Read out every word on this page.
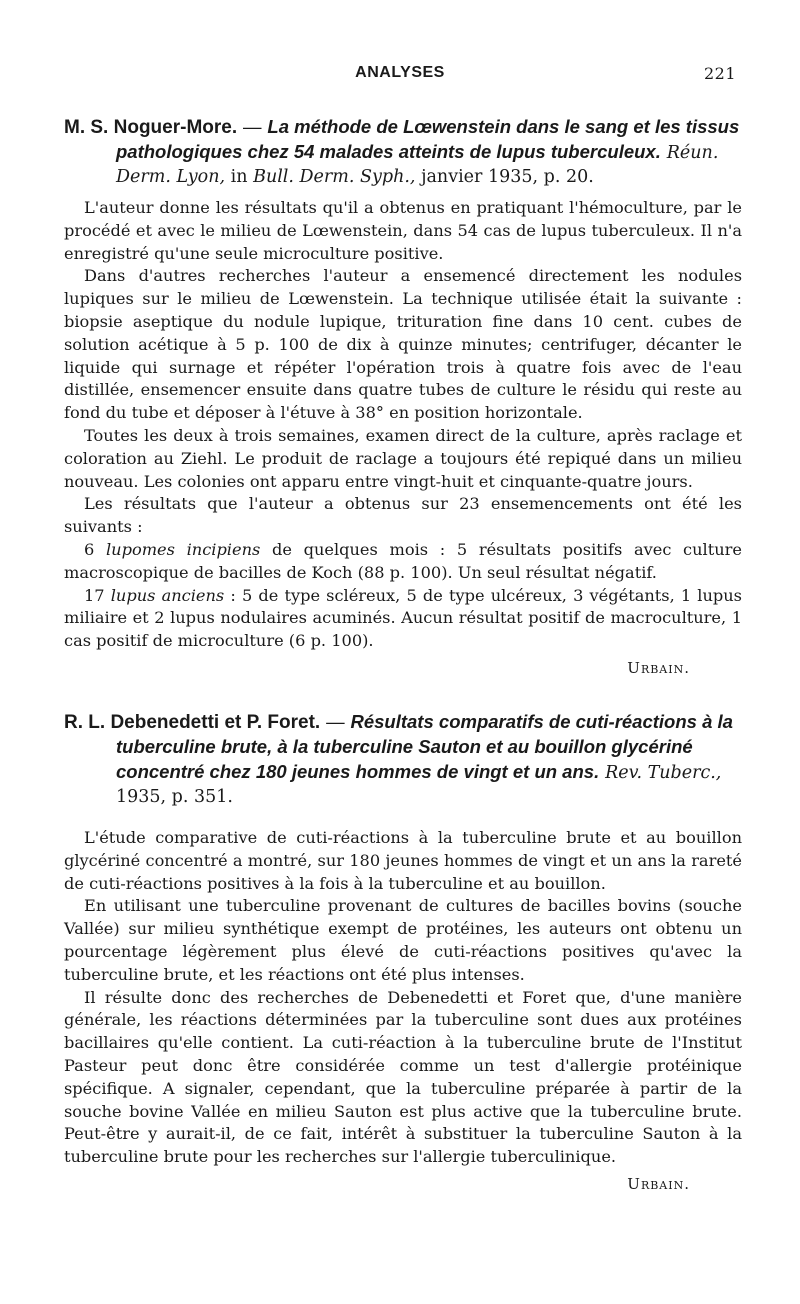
ANALYSES	221

M. S. Noguer-More. — La méthode de Lœwenstein dans le sang et les tissus pathologiques chez 54 malades atteints de lupus tuberculeux. Réun. Derm. Lyon, in Bull. Derm. Syph., janvier 1935, p. 20.

L'auteur donne les résultats qu'il a obtenus en pratiquant l'hémoculture, par le procédé et avec le milieu de Lœwenstein, dans 54 cas de lupus tuberculeux. Il n'a enregistré qu'une seule microculture positive.

Dans d'autres recherches l'auteur a ensemencé directement les nodules lupiques sur le milieu de Lœwenstein. La technique utilisée était la suivante : biopsie aseptique du nodule lupique, trituration fine dans 10 cent. cubes de solution acétique à 5 p. 100 de dix à quinze minutes; centrifuger, décanter le liquide qui surnage et répéter l'opération trois à quatre fois avec de l'eau distillée, ensemencer ensuite dans quatre tubes de culture le résidu qui reste au fond du tube et déposer à l'étuve à 38° en position horizontale.

Toutes les deux à trois semaines, examen direct de la culture, après raclage et coloration au Ziehl. Le produit de raclage a toujours été repiqué dans un milieu nouveau. Les colonies ont apparu entre vingt-huit et cinquante-quatre jours.

Les résultats que l'auteur a obtenus sur 23 ensemencements ont été les suivants :

6 lupomes incipiens de quelques mois : 5 résultats positifs avec culture macroscopique de bacilles de Koch (88 p. 100). Un seul résultat négatif.

17 lupus anciens : 5 de type scléreux, 5 de type ulcéreux, 3 végétants, 1 lupus miliaire et 2 lupus nodulaires acuminés. Aucun résultat positif de macroculture, 1 cas positif de microculture (6 p. 100).

Urbain.

R. L. Debenedetti et P. Foret. — Résultats comparatifs de cuti-réactions à la tuberculine brute, à la tuberculine Sauton et au bouillon glycériné concentré chez 180 jeunes hommes de vingt et un ans. Rev. Tuberc., 1935, p. 351.

L'étude comparative de cuti-réactions à la tuberculine brute et au bouillon glycériné concentré a montré, sur 180 jeunes hommes de vingt et un ans la rareté de cuti-réactions positives à la fois à la tuberculine et au bouillon.

En utilisant une tuberculine provenant de cultures de bacilles bovins (souche Vallée) sur milieu synthétique exempt de protéines, les auteurs ont obtenu un pourcentage légèrement plus élevé de cuti-réactions positives qu'avec la tuberculine brute, et les réactions ont été plus intenses.

Il résulte donc des recherches de Debenedetti et Foret que, d'une manière générale, les réactions déterminées par la tuberculine sont dues aux protéines bacillaires qu'elle contient. La cuti-réaction à la tuberculine brute de l'Institut Pasteur peut donc être considérée comme un test d'allergie protéinique spécifique. A signaler, cependant, que la tuberculine préparée à partir de la souche bovine Vallée en milieu Sauton est plus active que la tuberculine brute. Peut-être y aurait-il, de ce fait, intérêt à substituer la tuberculine Sauton à la tuberculine brute pour les recherches sur l'allergie tuberculinique.

Urbain.
